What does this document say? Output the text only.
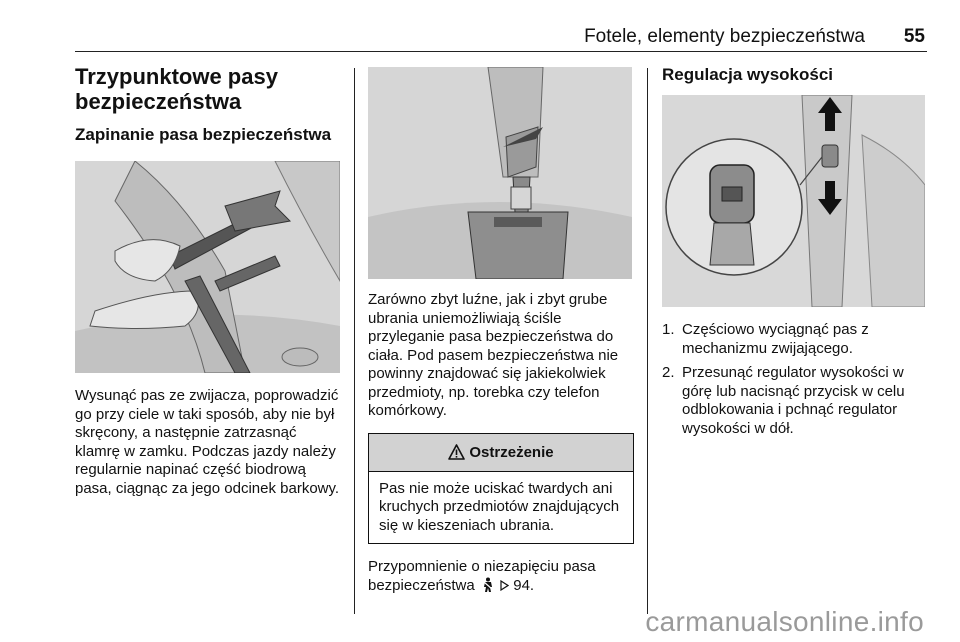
Fotele, elementy bezpieczeństwa 55
Trzypunktowe pasy bezpieczeństwa
Zapinanie pasa bezpieczeństwa

Wysunąć pas ze zwijacza, poprowadzić go przy ciele w taki sposób, aby nie był skręcony, a następnie zatrzasnąć klamrę w zamku. Podczas jazdy należy regularnie napinać część biodrową pasa, ciągnąc za jego odcinek barkowy.

Zarówno zbyt luźne, jak i zbyt grube ubrania uniemożliwiają ściśle przyleganie pasa bezpieczeństwa do ciała. Pod pasem bezpieczeństwa nie powinny znajdować się jakiekolwiek przedmioty, np. torebka czy telefon komórkowy.

Ostrzeżenie
Pas nie może uciskać twardych ani kruchych przedmiotów znajdujących się w kieszeniach ubrania.

Przypomnienie o niezapięciu pasa bezpieczeństwa	94.

Regulacja wysokości
1. Częściowo wyciągnąć pas z mechanizmu zwijającego.
2. Przesunąć regulator wysokości w górę lub nacisnąć przycisk w celu odblokowania i pchnąć regulator wysokości w dół.
carmanualsonline.info
